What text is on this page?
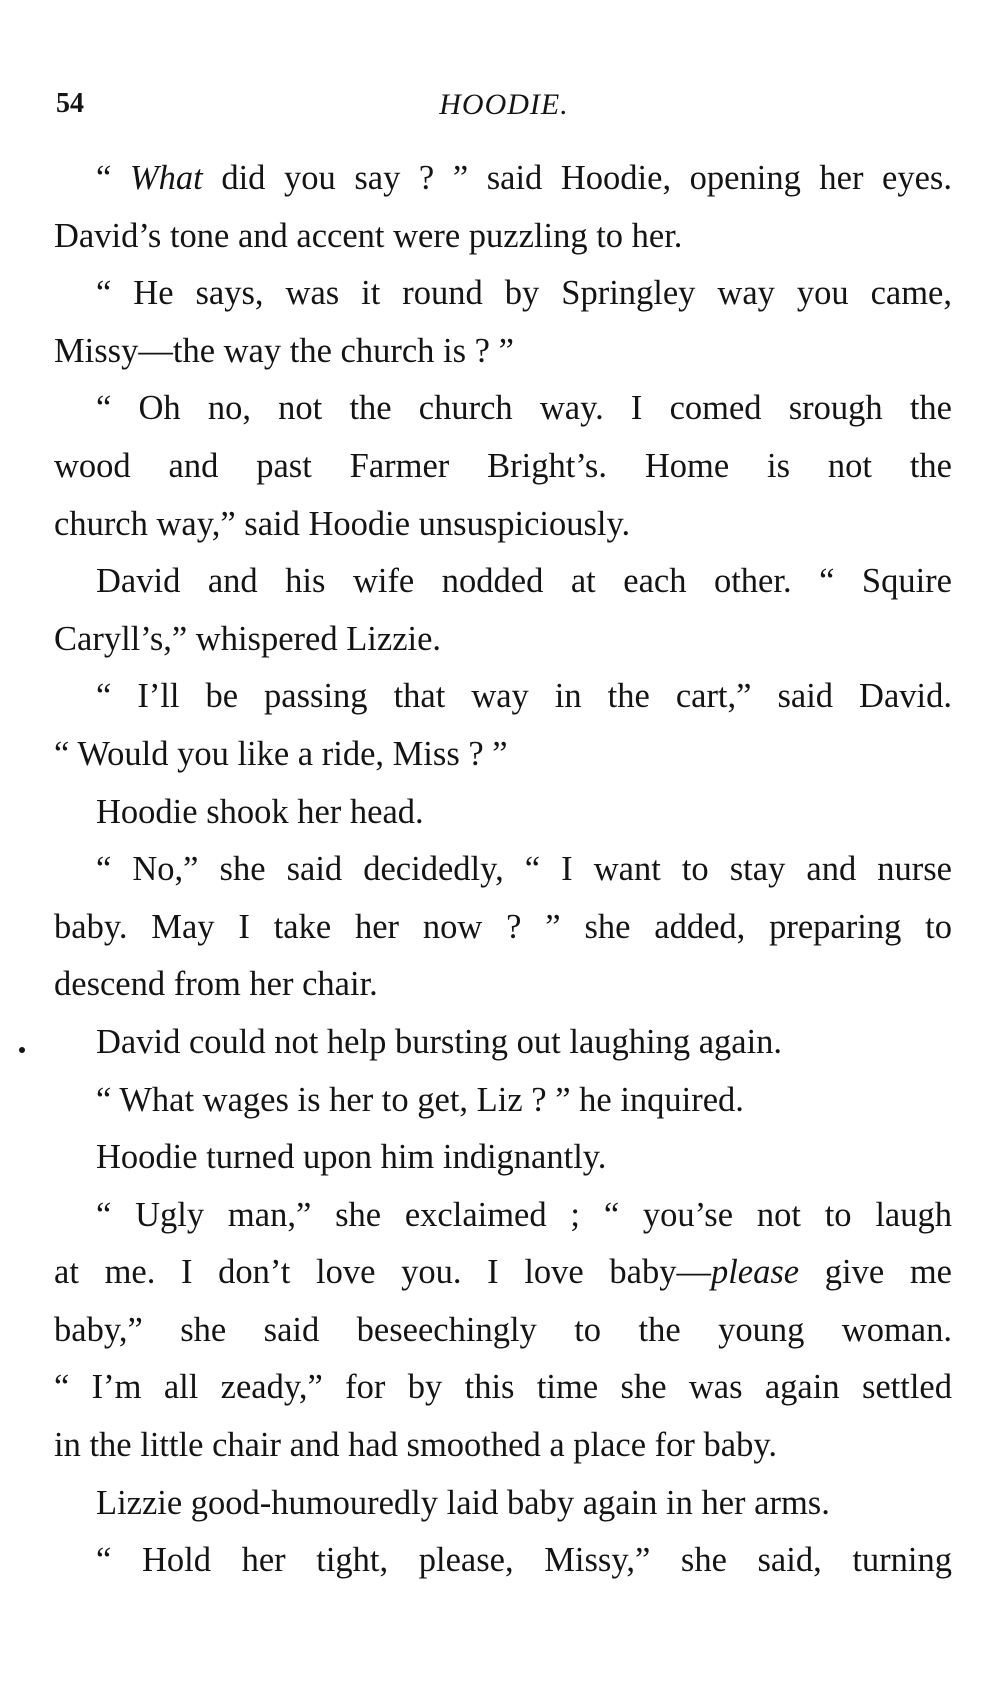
54	HOODIE.
“ What did you say ? ” said Hoodie, opening her eyes.
David’s tone and accent were puzzling to her.
“ He says, was it round by Springley way you came,
Missy—the way the church is ? ”
“ Oh no, not the church way. I comed srough the
wood and past Farmer Bright’s. Home is not the
church way,” said Hoodie unsuspiciously.
David and his wife nodded at each other. “ Squire
Caryll’s,” whispered Lizzie.
“ I’ll be passing that way in the cart,” said David.
“ Would you like a ride, Miss ? ”
Hoodie shook her head.
“ No,” she said decidedly, “ I want to stay and nurse
baby. May I take her now ? ” she added, preparing to
descend from her chair.
David could not help bursting out laughing again.
“ What wages is her to get, Liz ? ” he inquired.
Hoodie turned upon him indignantly.
“ Ugly man,” she exclaimed ; “ you’se not to laugh
at me. I don’t love you. I love baby—please give me
baby,” she said beseechingly to the young woman.
“ I’m all zeady,” for by this time she was again settled
in the little chair and had smoothed a place for baby.
Lizzie good-humouredly laid baby again in her arms.
“ Hold her tight, please, Missy,” she said, turning
